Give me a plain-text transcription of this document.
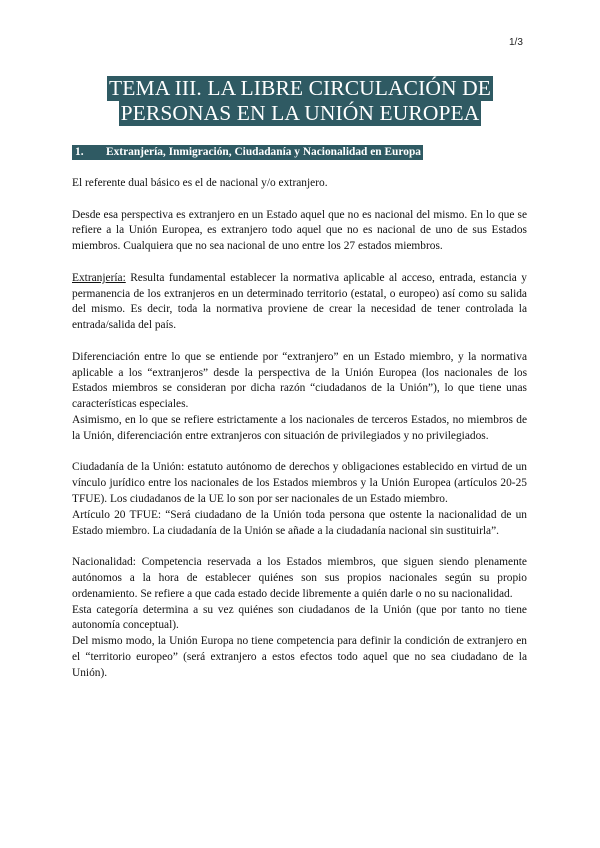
1/3
TEMA III. LA LIBRE CIRCULACIÓN DE
PERSONAS EN LA UNIÓN EUROPEA
1. Extranjería, Inmigración, Ciudadanía y Nacionalidad en Europa

El referente dual básico es el de nacional y/o extranjero.

Desde esa perspectiva es extranjero en un Estado aquel que no es nacional del mismo. En lo que se refiere a la Unión Europea, es extranjero todo aquel que no es nacional de uno de sus Estados miembros. Cualquiera que no sea nacional de uno entre los 27 estados miembros.

Extranjería: Resulta fundamental establecer la normativa aplicable al acceso, entrada, estancia y permanencia de los extranjeros en un determinado territorio (estatal, o europeo) así como su salida del mismo. Es decir, toda la normativa proviene de crear la necesidad de tener controlada la entrada/salida del país.

Diferenciación entre lo que se entiende por “extranjero” en un Estado miembro, y la normativa aplicable a los “extranjeros” desde la perspectiva de la Unión Europea (los nacionales de los Estados miembros se consideran por dicha razón “ciudadanos de la Unión”), lo que tiene unas características especiales.

Asimismo, en lo que se refiere estrictamente a los nacionales de terceros Estados, no miembros de la Unión, diferenciación entre extranjeros con situación de privilegiados y no privilegiados.

Ciudadanía de la Unión: estatuto autónomo de derechos y obligaciones establecido en virtud de un vínculo jurídico entre los nacionales de los Estados miembros y la Unión Europea (artículos 20-25 TFUE). Los ciudadanos de la UE lo son por ser nacionales de un Estado miembro.

Artículo 20 TFUE: “Será ciudadano de la Unión toda persona que ostente la nacionalidad de un Estado miembro. La ciudadanía de la Unión se añade a la ciudadanía nacional sin sustituirla”.

Nacionalidad: Competencia reservada a los Estados miembros, que siguen siendo plenamente autónomos a la hora de establecer quiénes son sus propios nacionales según su propio ordenamiento. Se refiere a que cada estado decide libremente a quién darle o no su nacionalidad.

Esta categoría determina a su vez quiénes son ciudadanos de la Unión (que por tanto no tiene autonomía conceptual).

Del mismo modo, la Unión Europa no tiene competencia para definir la condición de extranjero en el “territorio europeo” (será extranjero a estos efectos todo aquel que no sea ciudadano de la Unión).
